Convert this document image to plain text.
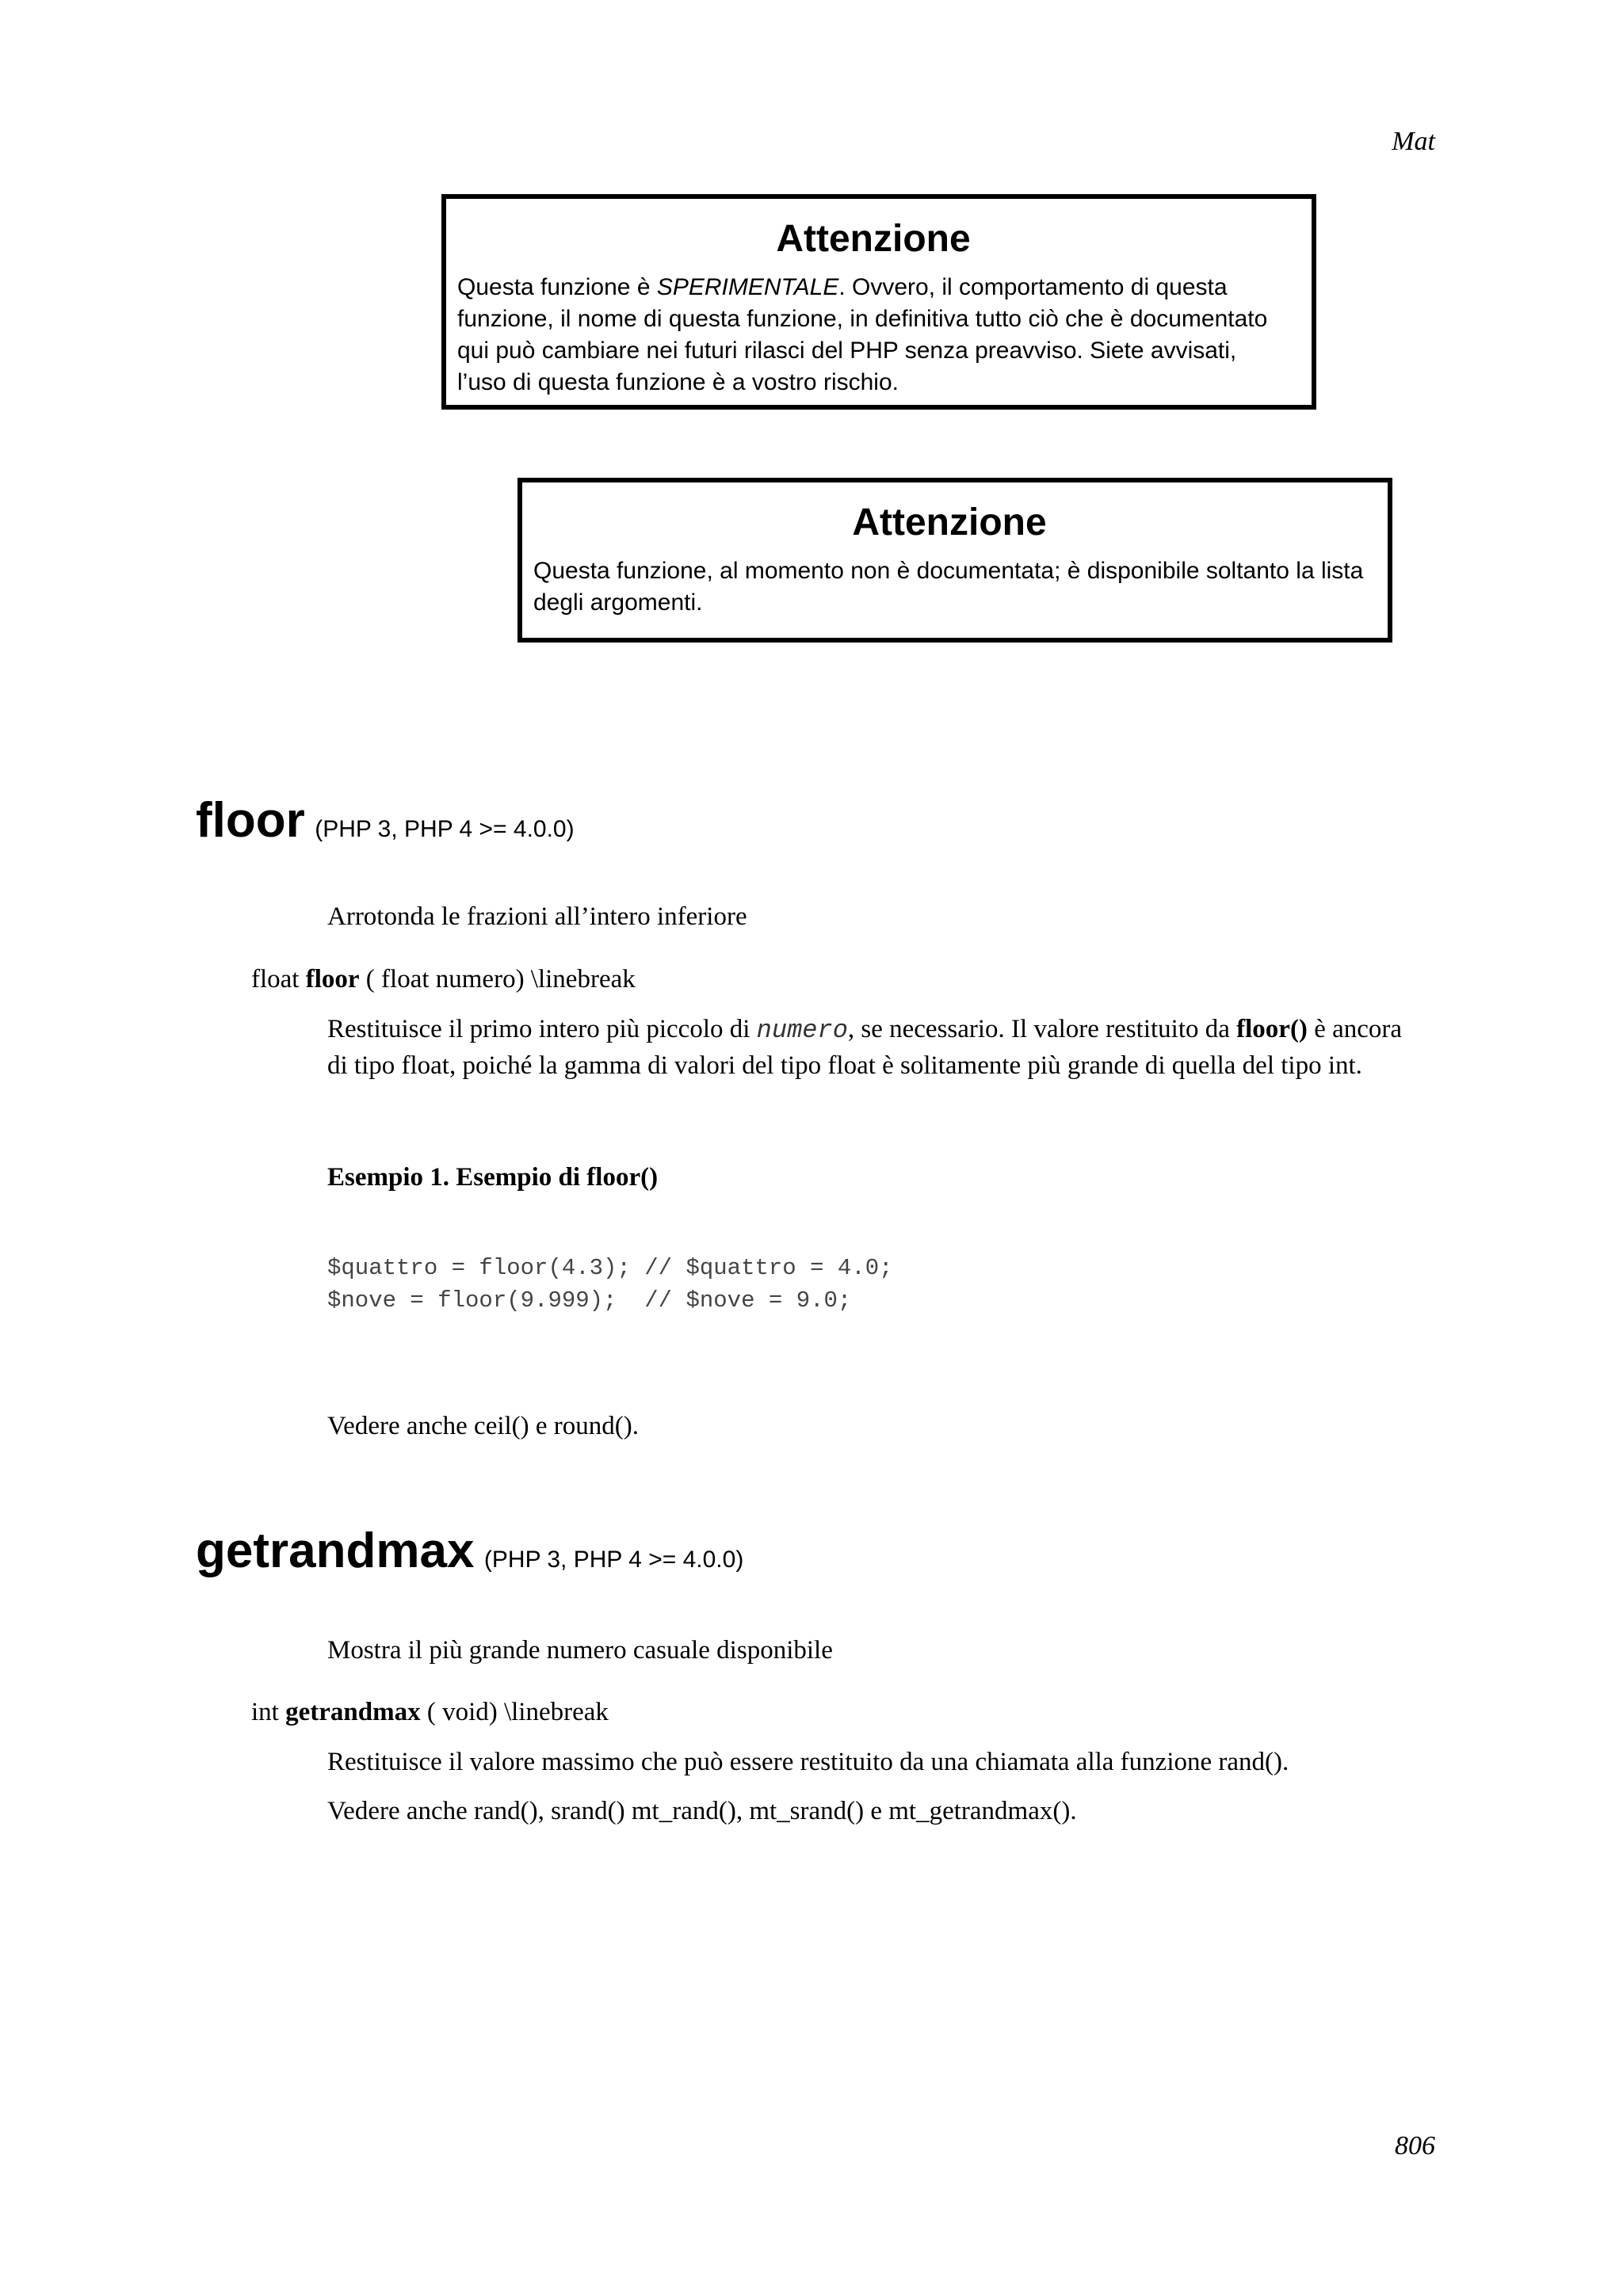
Mat
Attenzione
Questa funzione è SPERIMENTALE. Ovvero, il comportamento di questa funzione, il nome di questa funzione, in definitiva tutto ciò che è documentato qui può cambiare nei futuri rilasci del PHP senza preavviso. Siete avvisati, l’uso di questa funzione è a vostro rischio.
Attenzione
Questa funzione, al momento non è documentata; è disponibile soltanto la lista degli argomenti.
floor (PHP 3, PHP 4 >= 4.0.0)
Arrotonda le frazioni all’intero inferiore
float floor ( float numero) \linebreak
Restituisce il primo intero più piccolo di numero, se necessario. Il valore restituito da floor() è ancora di tipo float, poiché la gamma di valori del tipo float è solitamente più grande di quella del tipo int.
Esempio 1. Esempio di floor()
$quattro = floor(4.3); // $quattro = 4.0;
$nove = floor(9.999);  // $nove = 9.0;
Vedere anche ceil() e round().
getrandmax (PHP 3, PHP 4 >= 4.0.0)
Mostra il più grande numero casuale disponibile
int getrandmax ( void) \linebreak
Restituisce il valore massimo che può essere restituito da una chiamata alla funzione rand().
Vedere anche rand(), srand() mt_rand(), mt_srand() e mt_getrandmax().
806
